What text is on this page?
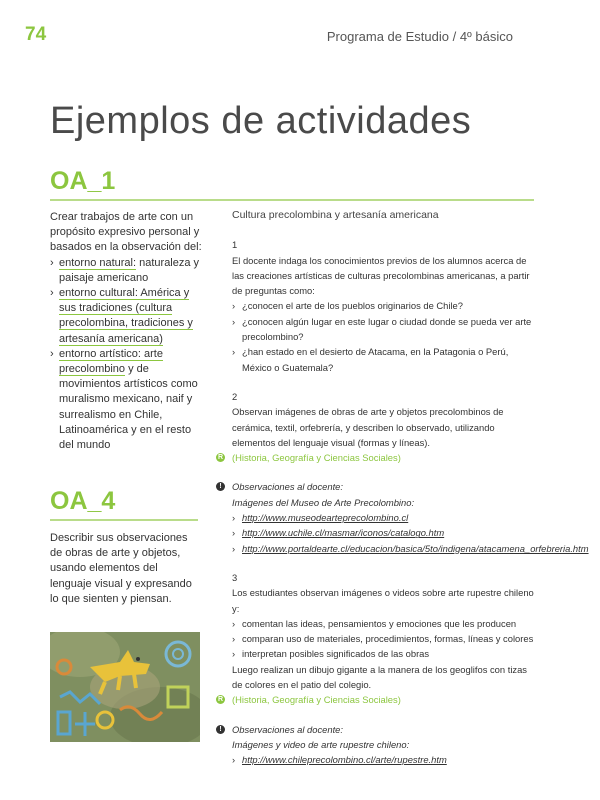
74	Programa de Estudio / 4º básico
Ejemplos de actividades
OA_1
Crear trabajos de arte con un propósito expresivo personal y basados en la observación del:
› entorno natural: naturaleza y paisaje americano
› entorno cultural: América y sus tradiciones (cultura precolombina, tradiciones y artesanía americana)
› entorno artístico: arte precolombino y de movimientos artísticos como muralismo mexicano, naif y surrealismo en Chile, Latinoamérica y en el resto del mundo
OA_4
Describir sus observaciones de obras de arte y objetos, usando elementos del lenguaje visual y expresando lo que sienten y piensan.
Cultura precolombina y artesanía americana

1

El docente indaga los conocimientos previos de los alumnos acerca de las creaciones artísticas de culturas precolombinas americanas, a partir de preguntas como:

› ¿conocen el arte de los pueblos originarios de Chile?
› ¿conocen algún lugar en este lugar o ciudad donde se pueda ver arte precolombino?
› ¿han estado en el desierto de Atacama, en la Patagonia o Perú, México o Guatemala?

2

Observan imágenes de obras de arte y objetos precolombinos de cerámica, textil, orfebrería, y describen lo observado, utilizando elementos del lenguaje visual (formas y líneas).

R (Historia, Geografía y Ciencias Sociales)

!	Observaciones al docente:

Imágenes del Museo de Arte Precolombino:

› http://www.museodearteprecolombino.cl
› http://www.uchile.cl/masmar/iconos/catalogo.htm
› http://www.portaldearte.cl/educacion/basica/5to/indigena/atacamena_orfebreria.htm

3

Los estudiantes observan imágenes o videos sobre arte rupestre chileno y:

› comentan las ideas, pensamientos y emociones que les producen
› comparan uso de materiales, procedimientos, formas, líneas y colores
› interpretan posibles significados de las obras

Luego realizan un dibujo gigante a la manera de los geoglifos con tizas de colores en el patio del colegio.

R (Historia, Geografía y Ciencias Sociales)

!	Observaciones al docente:

Imágenes y video de arte rupestre chileno:

› http://www.chileprecolombino.cl/arte/rupestre.htm
